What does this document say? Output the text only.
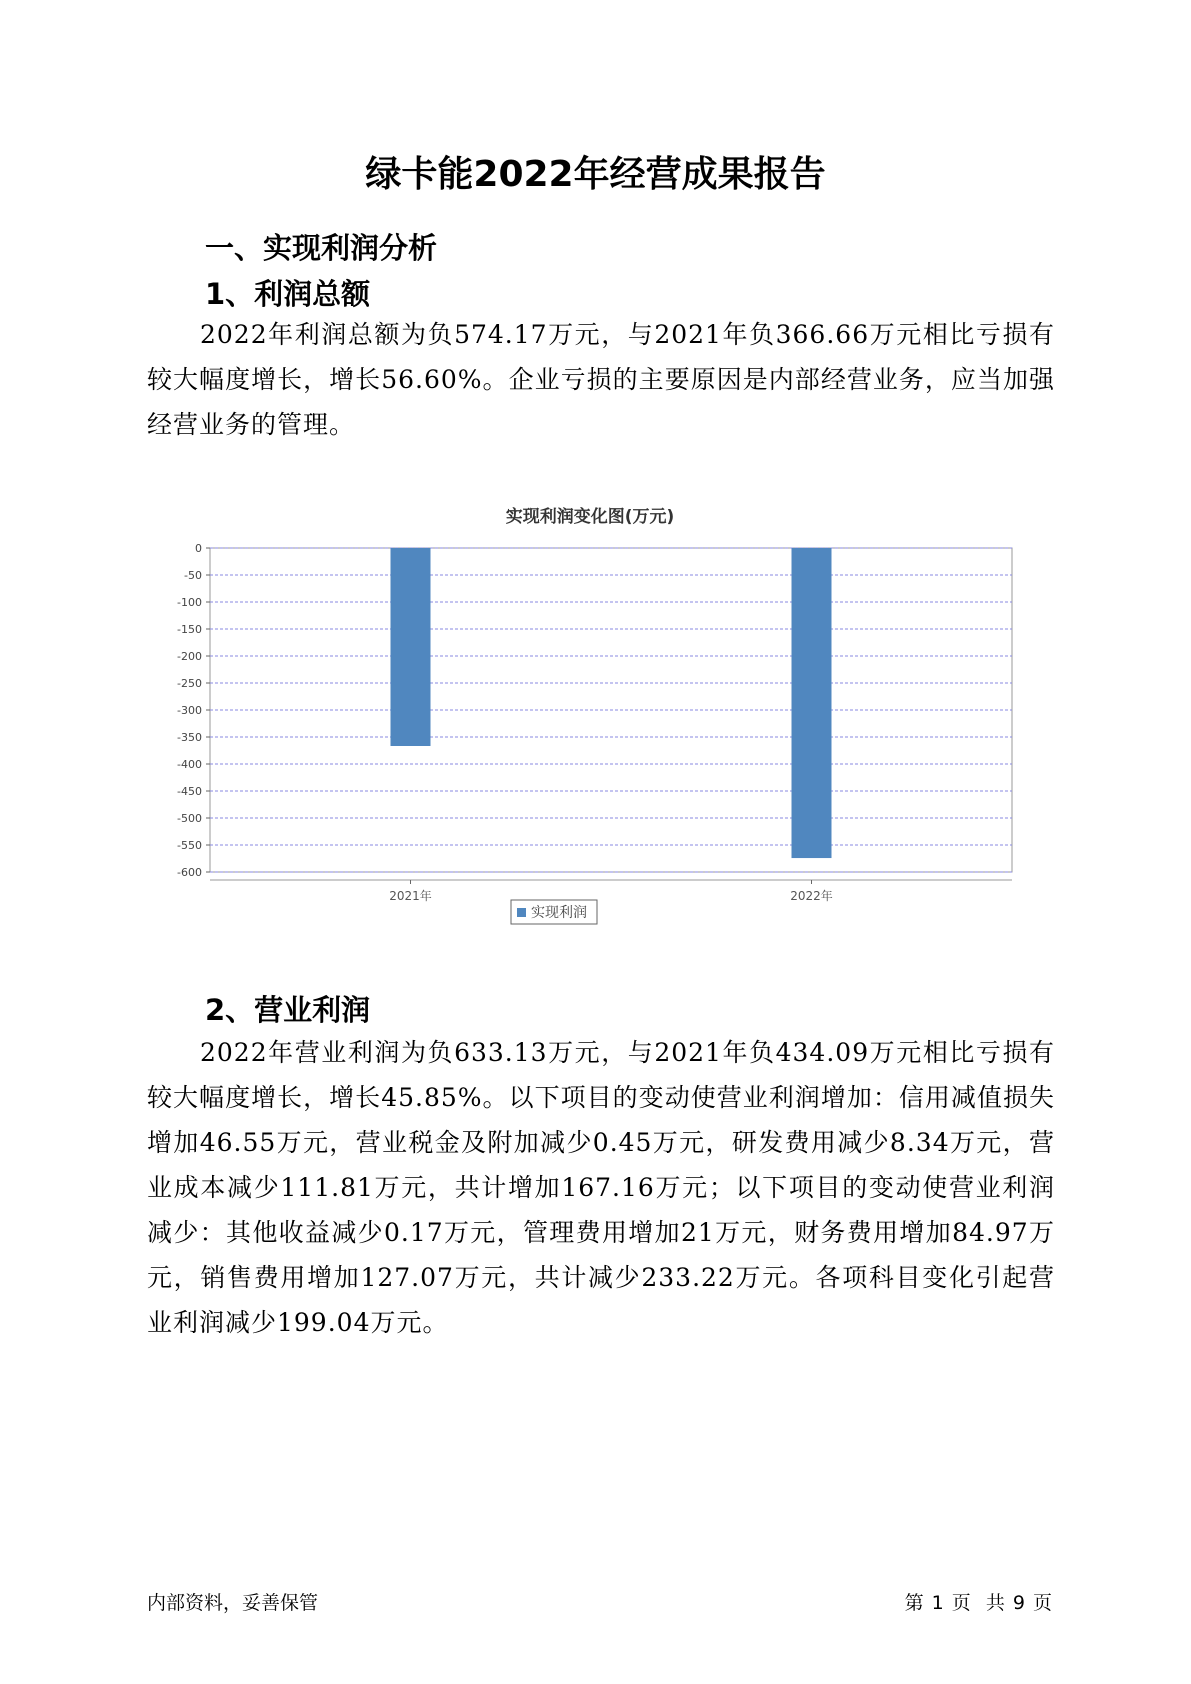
绿卡能2022年经营成果报告
一、实现利润分析
1、利润总额

2022年利润总额为负574.17万元，与2021年负366.66万元相比亏损有较大幅度增长，增长56.60%。企业亏损的主要原因是内部经营业务，应当加强经营业务的管理。

实现利润变化图(万元)
0
-50
-100
-150
-200
-250
-300
-350
-400
-450
-500
-550
-600
2021年	2022年
实现利润
2、营业利润

2022年营业利润为负633.13万元，与2021年负434.09万元相比亏损有较大幅度增长，增长45.85%。以下项目的变动使营业利润增加：信用减值损失增加46.55万元，营业税金及附加减少0.45万元，研发费用减少8.34万元，营业成本减少111.81万元，共计增加167.16万元；以下项目的变动使营业利润减少：其他收益减少0.17万元，管理费用增加21万元，财务费用增加84.97万元，销售费用增加127.07万元，共计减少233.22万元。各项科目变化引起营业利润减少199.04万元。

内部资料，妥善保管	第 1 页  共 9 页
